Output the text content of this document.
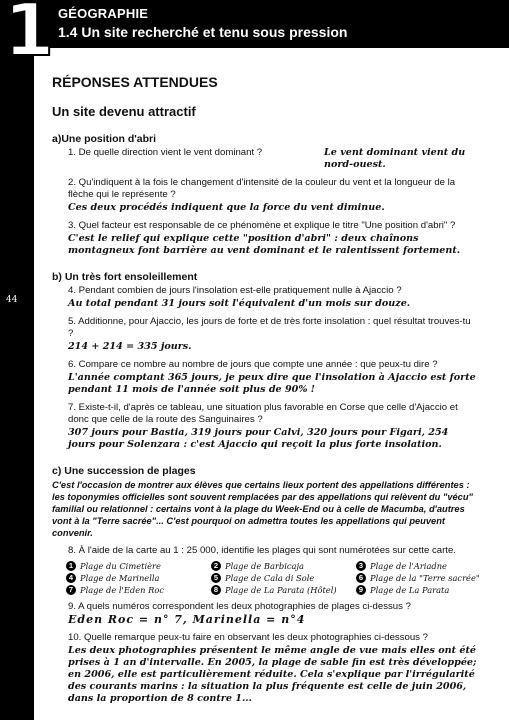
44
1 GÉOGRAPHIE
1.4 Un site recherché et tenu sous pression

RÉPONSES ATTENDUES

Un site devenu attractif

a)Une position d'abri

1. De quelle direction vient le vent dominant ?	Le vent dominant vient du nord-ouest.

2. Qu'indiquent à la fois le changement d'intensité de la couleur du vent et la longueur de la flèche qui le représente ?

Ces deux procédés indiquent que la force du vent diminue.

3. Quel facteur est responsable de ce phénomène et explique le titre "Une position d'abri" ?

C'est le relief qui explique cette "position d'abri" : deux chaînons montagneux font barrière au vent dominant et le ralentissent fortement.

b) Un très fort ensoleillement

4. Pendant combien de jours l'insolation est-elle pratiquement nulle à Ajaccio ?

Au total pendant 31 jours soit l'équivalent d'un mois sur douze.

5. Additionne, pour Ajaccio, les jours de forte et de très forte insolation : quel résultat trouves-tu ?

214 + 214 = 335 jours.

6. Compare ce nombre au nombre de jours que compte une année : que peux-tu dire ?

L'année comptant 365 jours, je peux dire que l'insolation à Ajaccio est forte pendant 11 mois de l'année soit plus de 90% !

7. Existe-t-il, d'après ce tableau, une situation plus favorable en Corse que celle d'Ajaccio et donc que celle de la route des Sanguinaires ?

307 jours pour Bastia, 319 jours pour Calvi, 320 jours pour Figari, 254 jours pour Solenzara : c'est Ajaccio qui reçoit la plus forte insolation.

c) Une succession de plages

C'est l'occasion de montrer aux élèves que certains lieux portent des appellations différentes : les toponymies officielles sont souvent remplacées par des appellations qui relèvent du "vécu" familial ou relationnel : certains vont à la plage du Week-End ou à celle de Macumba, d'autres vont à la "Terre sacrée"... C'est pourquoi on admettra toutes les appellations qui peuvent convenir.

8. À l'aide de la carte au 1 : 25 000, identifie les plages qui sont numérotées sur cette carte.

1 Plage du Cimetière	2 Plage de Barbicaja	3 Plage de l'Ariadne
4 Plage de Marinella	5 Plage de Cala di Sole	6 Plage de la "Terre sacrée"
7 Plage de l'Eden Roc	8 Plage de La Parata (Hôtel)	9 Plage de La Parata

9. A quels numéros correspondent les deux photographies de plages ci-dessus ?

Eden Roc = n° 7, Marinella = n°4

10. Quelle remarque peux-tu faire en observant les deux photographies ci-dessous ?

Les deux photographies présentent le même angle de vue mais elles ont été prises à 1 an d'intervalle. En 2005, la plage de sable fin est très développée; en 2006, elle est particulièrement réduite. Cela s'explique par l'irrégularité des courants marins : la situation la plus fréquente est celle de juin 2006, dans la proportion de 8 contre 1...
